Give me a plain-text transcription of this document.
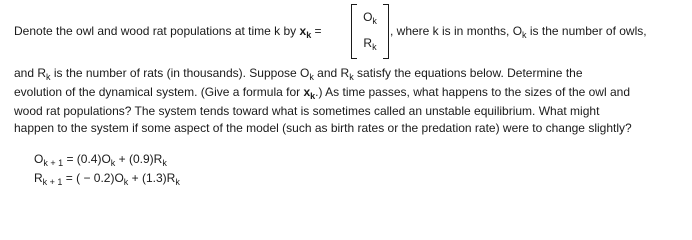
Denote the owl and wood rat populations at time k by $x_k$ =
$O_k$
$R_k$
, where k is in months, $O_k$ is the number of owls,
and $R_k$ is the number of rats (in thousands). Suppose $O_k$ and $R_k$ satisfy the equations below. Determine the
evolution of the dynamical system. (Give a formula for $x_k$.) As time passes, what happens to the sizes of the owl and
wood rat populations? The system tends toward what is sometimes called an unstable equilibrium. What might
happen to the system if some aspect of the model (such as birth rates or the predation rate) were to change slightly?
$O_{k + 1} = (0.4)O_k + (0.9)R_k$
$R_{k + 1}$ = ( − $0.2)O_k + (1.3)R_k$
